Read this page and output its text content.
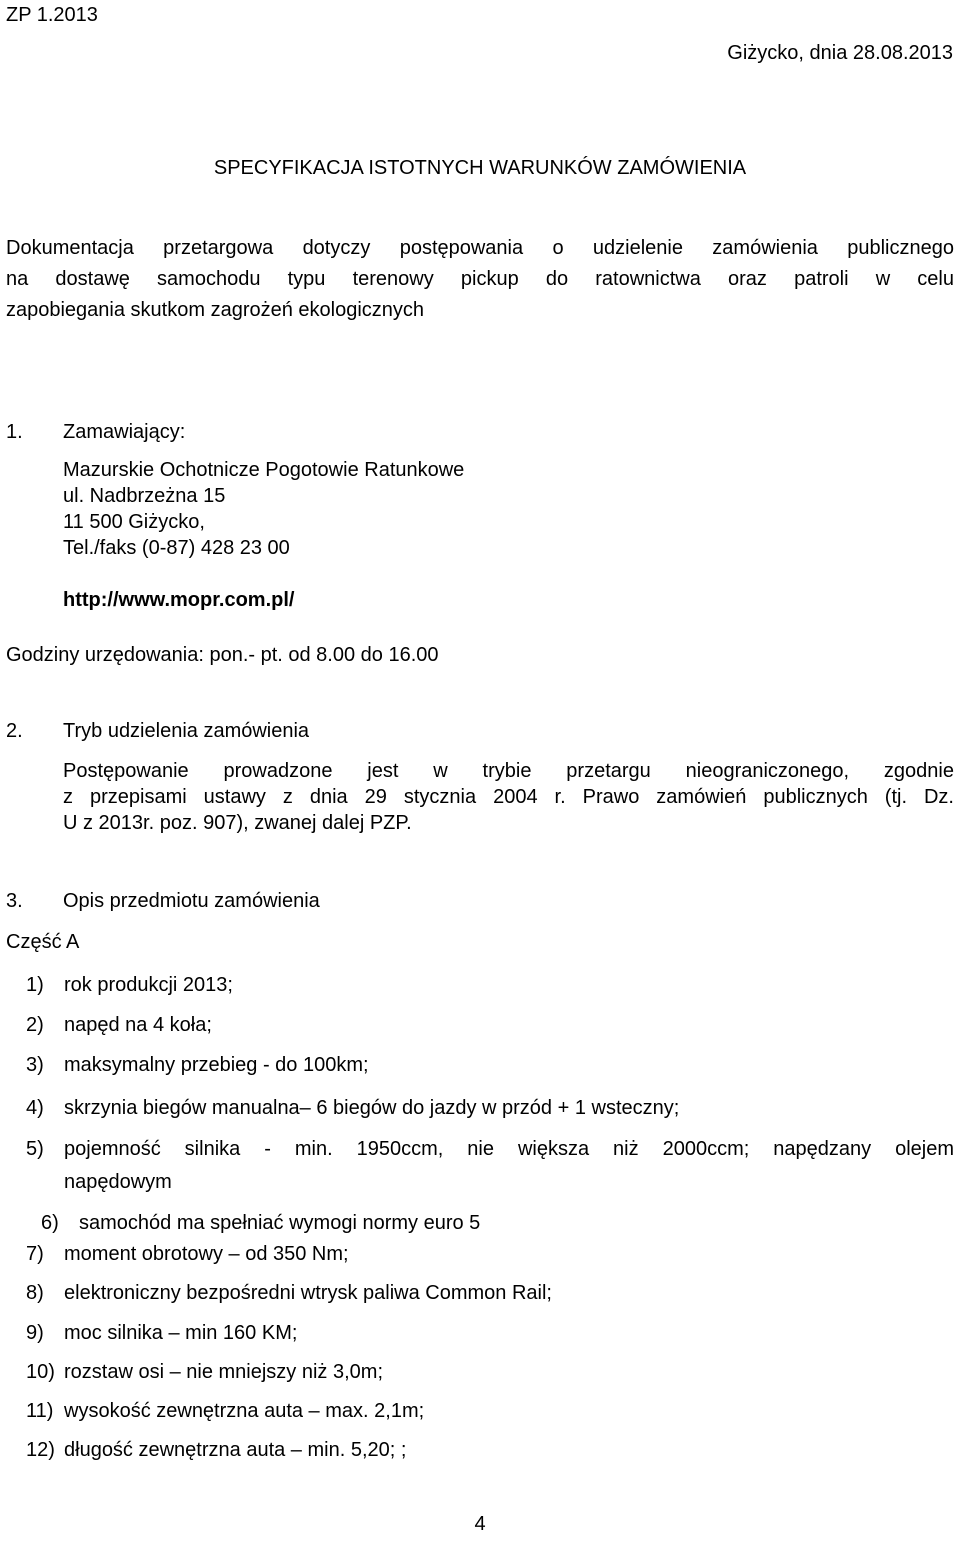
ZP 1.2013
Giżycko, dnia 28.08.2013
SPECYFIKACJA ISTOTNYCH WARUNKÓW ZAMÓWIENIA
Dokumentacja przetargowa dotyczy postępowania o udzielenie zamówienia publicznego
na dostawę samochodu typu terenowy pickup do ratownictwa oraz patroli w celu
zapobiegania skutkom zagrożeń ekologicznych
1. Zamawiający:
Mazurskie Ochotnicze Pogotowie Ratunkowe
ul. Nadbrzeżna 15
11 500 Giżycko,
Tel./faks (0-87) 428 23 00
http://www.mopr.com.pl/
Godziny urzędowania: pon.- pt. od 8.00 do 16.00
2. Tryb udzielenia zamówienia
Postępowanie prowadzone jest w trybie przetargu nieograniczonego, zgodnie
z przepisami ustawy z dnia 29 stycznia 2004 r. Prawo zamówień publicznych (tj. Dz.
U z 2013r. poz. 907), zwanej dalej PZP.
3. Opis przedmiotu zamówienia
Część A
1) rok produkcji 2013;
2) napęd na 4 koła;
3) maksymalny przebieg - do 100km;
4) skrzynia biegów manualna– 6 biegów do jazdy w przód + 1 wsteczny;
5) pojemność silnika - min. 1950ccm, nie większa niż 2000ccm; napędzany olejem
napędowym
6) samochód ma spełniać wymogi normy euro 5
7) moment obrotowy – od 350 Nm;
8) elektroniczny bezpośredni wtrysk paliwa Common Rail;
9) moc silnika – min 160 KM;
10) rozstaw osi – nie mniejszy niż 3,0m;
11) wysokość zewnętrzna auta – max. 2,1m;
12) długość zewnętrzna auta – min. 5,20; ;
4
